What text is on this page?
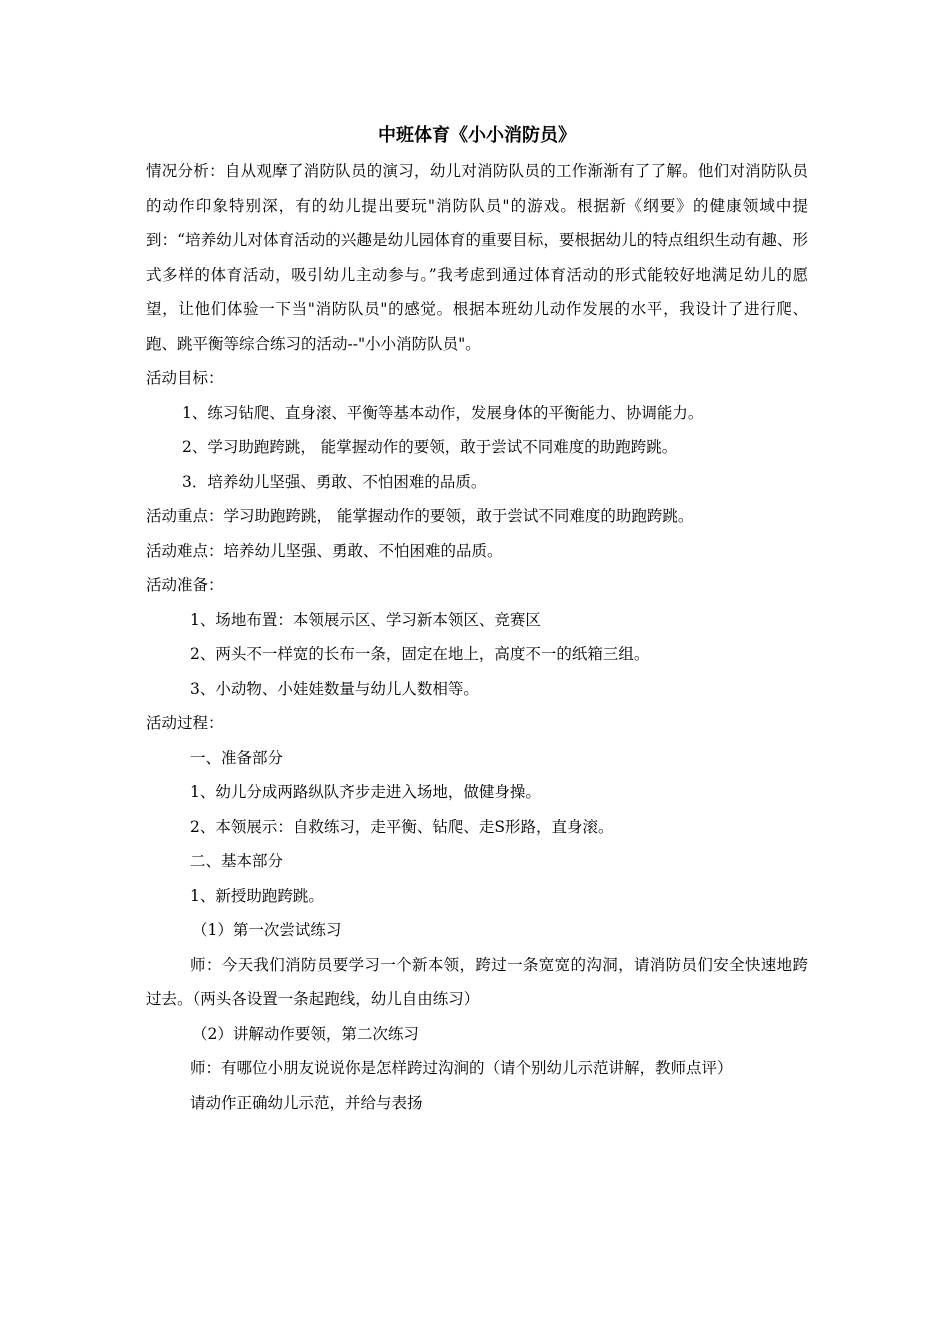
中班体育《小小消防员》

情况分析：自从观摩了消防队员的演习，幼儿对消防队员的工作渐渐有了了解。他们对消防队员的动作印象特别深，有的幼儿提出要玩"消防队员"的游戏。根据新《纲要》的健康领域中提到：“培养幼儿对体育活动的兴趣是幼儿园体育的重要目标，要根据幼儿的特点组织生动有趣、形式多样的体育活动，吸引幼儿主动参与。”我考虑到通过体育活动的形式能较好地满足幼儿的愿望，让他们体验一下当"消防队员"的感觉。根据本班幼儿动作发展的水平，我设计了进行爬、跑、跳平衡等综合练习的活动--"小小消防队员"。

活动目标：

1、练习钻爬、直身滚、平衡等基本动作，发展身体的平衡能力、协调能力。

2、学习助跑跨跳， 能掌握动作的要领，敢于尝试不同难度的助跑跨跳。

3．培养幼儿坚强、勇敢、不怕困难的品质。

活动重点：学习助跑跨跳， 能掌握动作的要领，敢于尝试不同难度的助跑跨跳。

活动难点：培养幼儿坚强、勇敢、不怕困难的品质。

活动准备：

1、场地布置：本领展示区、学习新本领区、竞赛区

2、两头不一样宽的长布一条，固定在地上，高度不一的纸箱三组。

3、小动物、小娃娃数量与幼儿人数相等。

活动过程：

一、准备部分

1、幼儿分成两路纵队齐步走进入场地，做健身操。

2、本领展示：自救练习，走平衡、钻爬、走S形路，直身滚。

二、基本部分

1、新授助跑跨跳。

（1）第一次尝试练习

师：今天我们消防员要学习一个新本领，跨过一条宽宽的沟洞，请消防员们安全快速地跨过去。（两头各设置一条起跑线，幼儿自由练习）

（2）讲解动作要领，第二次练习

师：有哪位小朋友说说你是怎样跨过沟涧的（请个别幼儿示范讲解，教师点评）

请动作正确幼儿示范，并给与表扬
